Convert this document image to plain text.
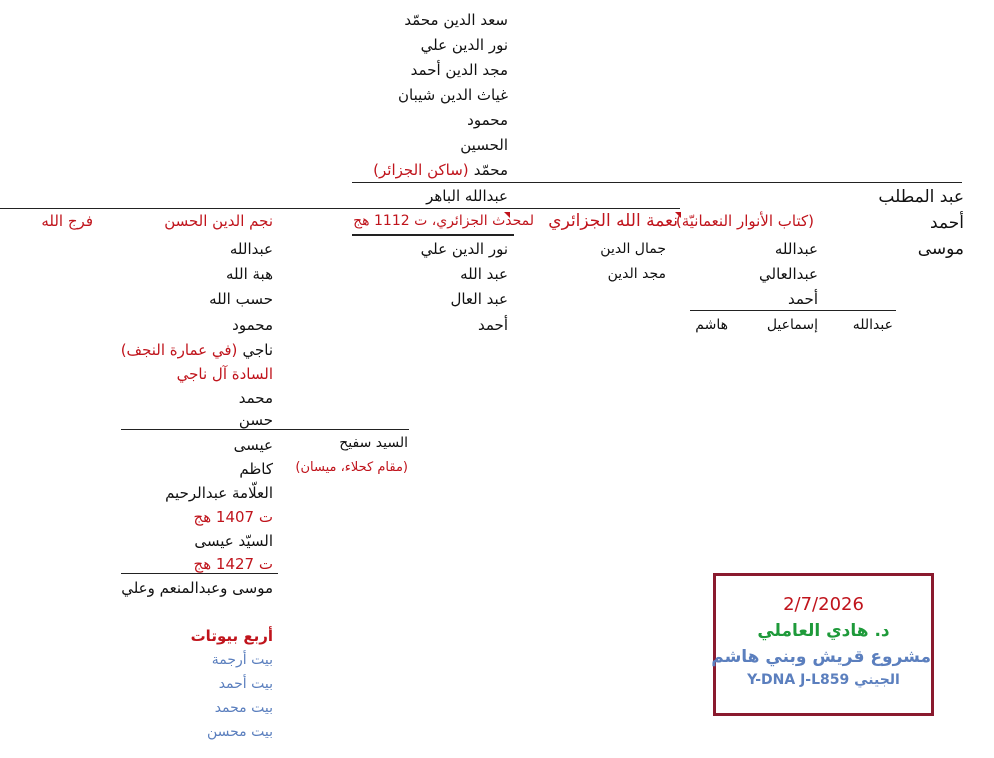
سعد الدين محمّد
نور الدين علي
مجد الدين أحمد
غياث الدين شيبان
محمود
الحسين
محمّد (ساكن الجزائر)
عبدالله الباهر	عبد المطلب
أحمد
موسى
(كتاب الأنوار النعمانيّة)
نعمة الله الجزائري
لمحدث الجزائري، ت 1112 هج
نجم الدين الحسن
فرج الله
عبدالله
عبدالعالي
أحمد
عبدالله
إسماعيل
هاشم
جمال الدين
مجد الدين
نور الدين علي
عبد الله
عبد العال
أحمد
عبدالله
هبة الله
حسب الله
محمود
ناجي (في عمارة النجف)
السادة آل ناجي
محمد
حسن
عيسى
كاظم
العلّامة عبدالرحيم
ت 1407 هج
السيّد عيسى
ت 1427 هج
موسى وعبدالمنعم وعلي
السيد سفيح
(مقام كحلاء، ميسان)
أربع بيوتات
بيت أرجمة
بيت أحمد
بيت محمد
بيت محسن
2/7/2026
د. هادي العاملي
مشروع قريش وبني هاشم
الجيني Y-DNA J-L859
